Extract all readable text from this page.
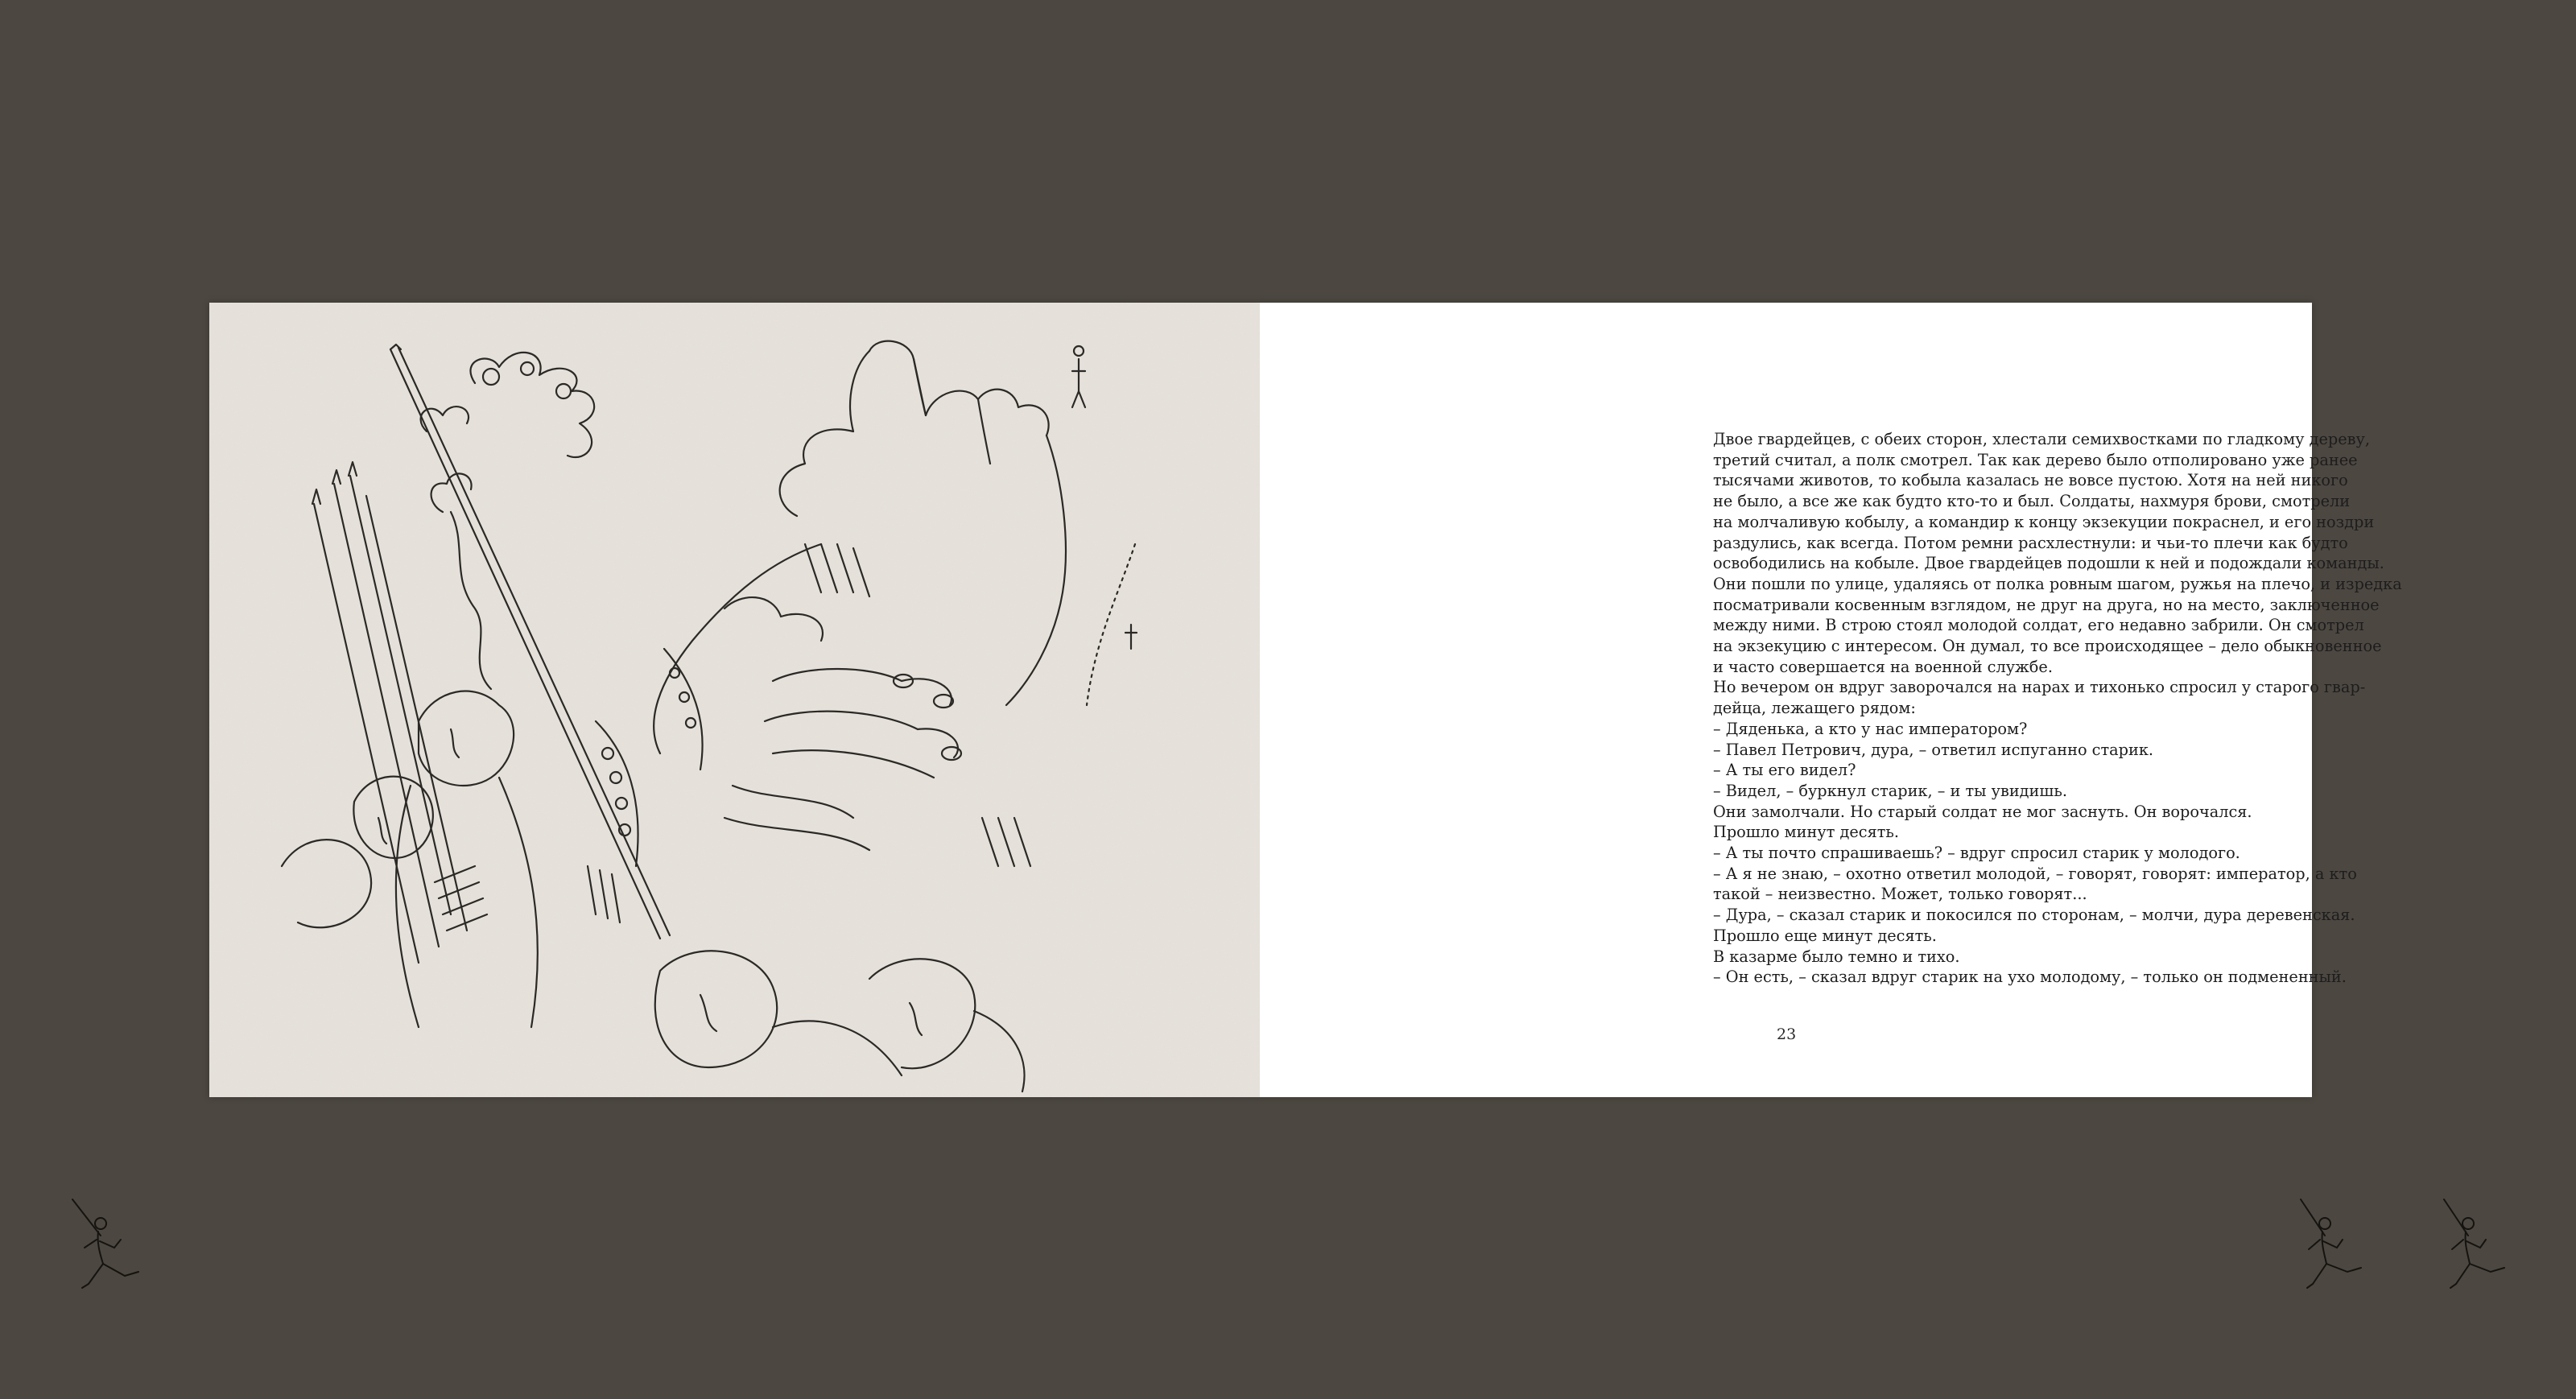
Двое гвардейцев, с обеих сторон, хлестали семихвостками по гладкому дереву,

третий считал, а полк смотрел. Так как дерево было отполировано уже ранее

тысячами животов, то кобыла казалась не вовсе пустою. Хотя на ней никого

не было, а все же как будто кто-то и был. Солдаты, нахмуря брови, смотрели

на молчаливую кобылу, а командир к концу экзекуции покраснел, и его ноздри

раздулись, как всегда. Потом ремни расхлестнули: и чьи-то плечи как будто

освободились на кобыле. Двое гвардейцев подошли к ней и подождали команды.

Они пошли по улице, удаляясь от полка ровным шагом, ружья на плечо, и изредка

посматривали косвенным взглядом, не друг на друга, но на место, заключенное

между ними. В строю стоял молодой солдат, его недавно забрили. Он смотрел

на экзекуцию с интересом. Он думал, то все происходящее – дело обыкновенное

и часто совершается на военной службе.

Но вечером он вдруг заворочался на нарах и тихонько спросил у старого гвар-

дейца, лежащего рядом:

– Дяденька, а кто у нас императором?

– Павел Петрович, дура, – ответил испуганно старик.

– А ты его видел?

– Видел, – буркнул старик, – и ты увидишь.

Они замолчали. Но старый солдат не мог заснуть. Он ворочался.

Прошло минут десять.

– А ты почто спрашиваешь? – вдруг спросил старик у молодого.

– А я не знаю, – охотно ответил молодой, – говорят, говорят: император, а кто

такой – неизвестно. Может, только говорят...

– Дура, – сказал старик и покосился по сторонам, – молчи, дура деревенская.

Прошло еще минут десять.

В казарме было темно и тихо.

– Он есть, – сказал вдруг старик на ухо молодому, – только он подмененный.

23
